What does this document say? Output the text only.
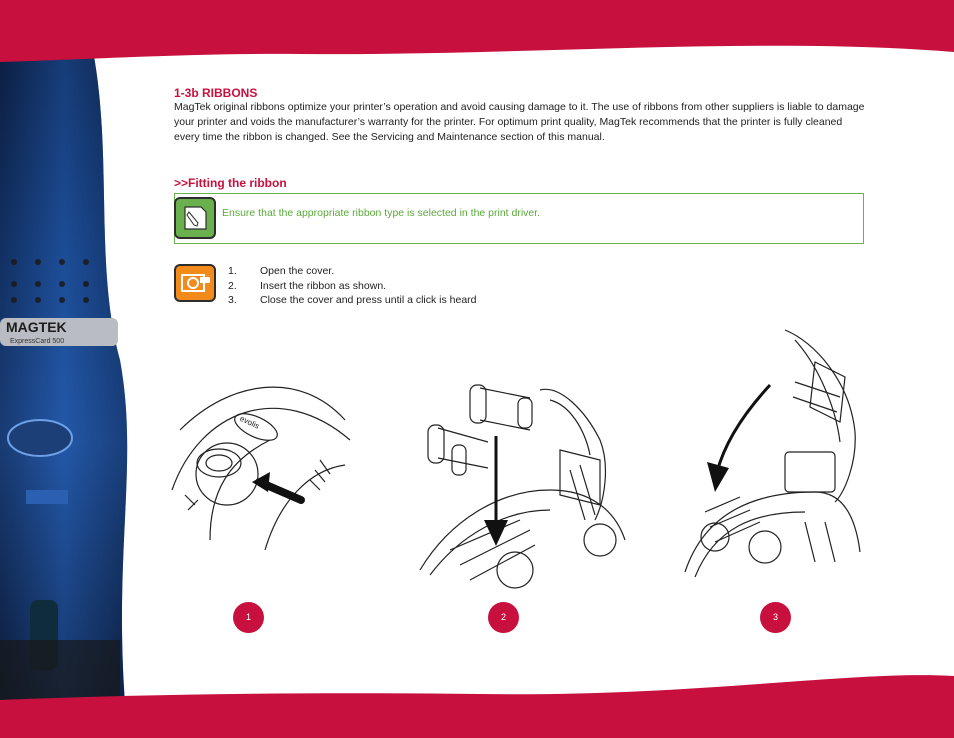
MAGTEK
ExpressCard 500
1-3b RIBBONS

MagTek original ribbons optimize your printer’s operation and avoid causing damage to it. The use of ribbons from other suppliers is liable to damage your printer and voids the manufacturer’s warranty for the printer. For optimum print quality, MagTek recommends that the printer is fully cleaned every time the ribbon is changed. See the Servicing and Maintenance section of this manual.

>>Fitting the ribbon

Ensure that the appropriate ribbon type is selected in the print driver.

1.	Open the cover.
2.	Insert the ribbon as shown.
3.	Close the cover and press until a click is heard
evolis
1	2	3
